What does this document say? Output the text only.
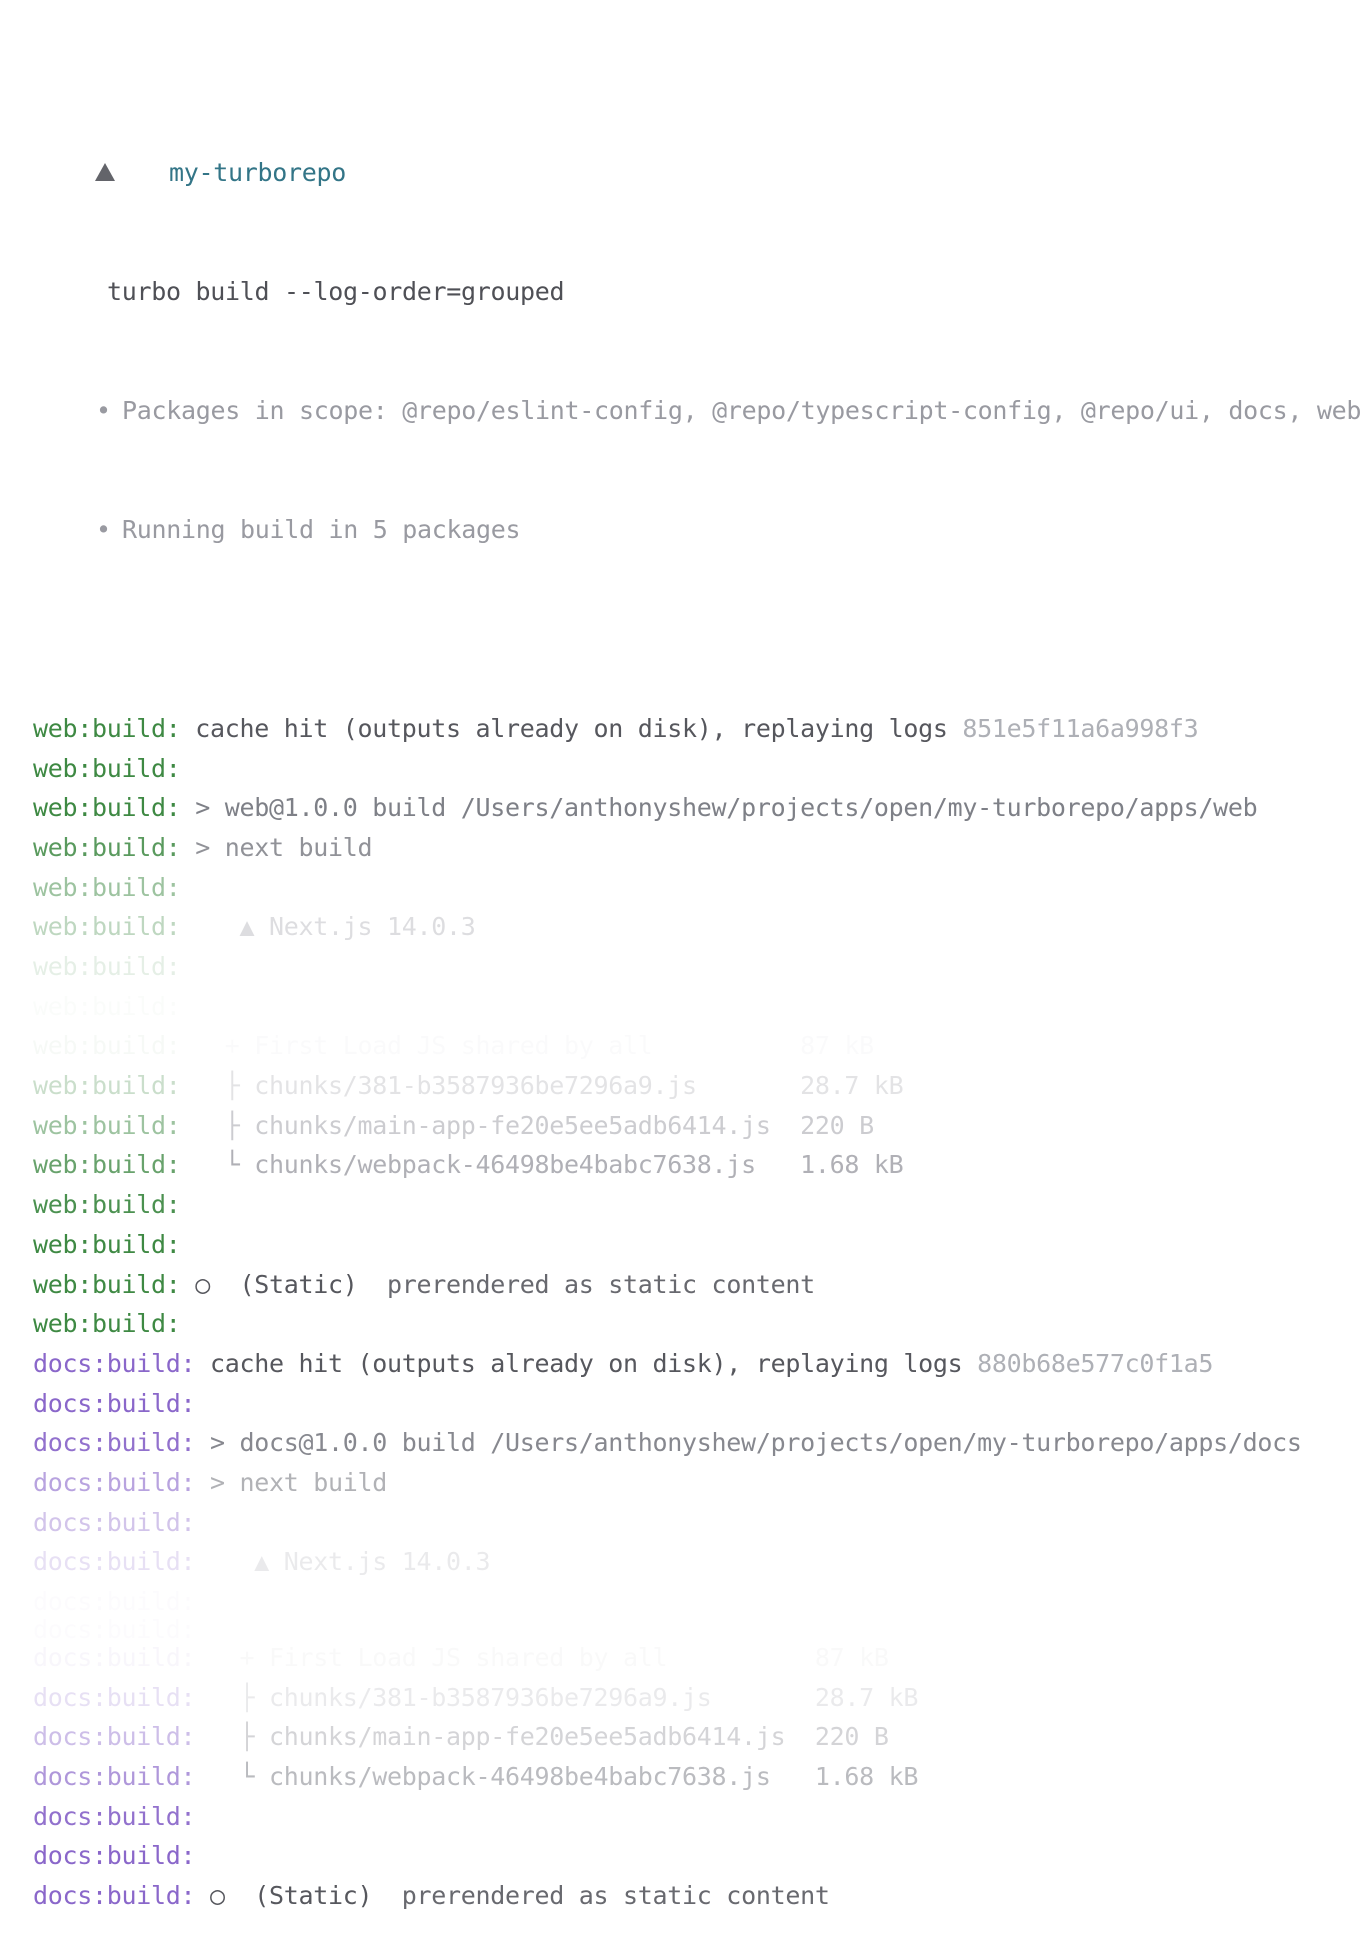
my-turborepo

turbo build --log-order=grouped

• Packages in scope: @repo/eslint-config, @repo/typescript-config, @repo/ui, docs, web

• Running build in 5 packages

web:build: cache hit (outputs already on disk), replaying logs 851e5f11a6a998f3
web:build:
web:build: > web@1.0.0 build /Users/anthonyshew/projects/open/my-turborepo/apps/web
web:build: > next build
web:build:
web:build:    ▲ Next.js 14.0.3
web:build:
web:build:   ├ chunks/381-b3587936be7296a9.js       28.7 kB
web:build:   ├ chunks/main-app-fe20e5ee5adb6414.js  220 B
web:build:   └ chunks/webpack-46498be4babc7638.js   1.68 kB
web:build:
web:build:
web:build: ○  (Static)  prerendered as static content
web:build:
docs:build: cache hit (outputs already on disk), replaying logs 880b68e577c0f1a5
docs:build:
docs:build: > docs@1.0.0 build /Users/anthonyshew/projects/open/my-turborepo/apps/docs
docs:build: > next build
docs:build:
docs:build:    ▲ Next.js 14.0.3
docs:build:   + First Load JS shared by all          87 kB
docs:build:   ├ chunks/381-b3587936be7296a9.js       28.7 kB
docs:build:   ├ chunks/main-app-fe20e5ee5adb6414.js  220 B
docs:build:   └ chunks/webpack-46498be4babc7638.js   1.68 kB
docs:build:
docs:build:
docs:build: ○  (Static)  prerendered as static content
